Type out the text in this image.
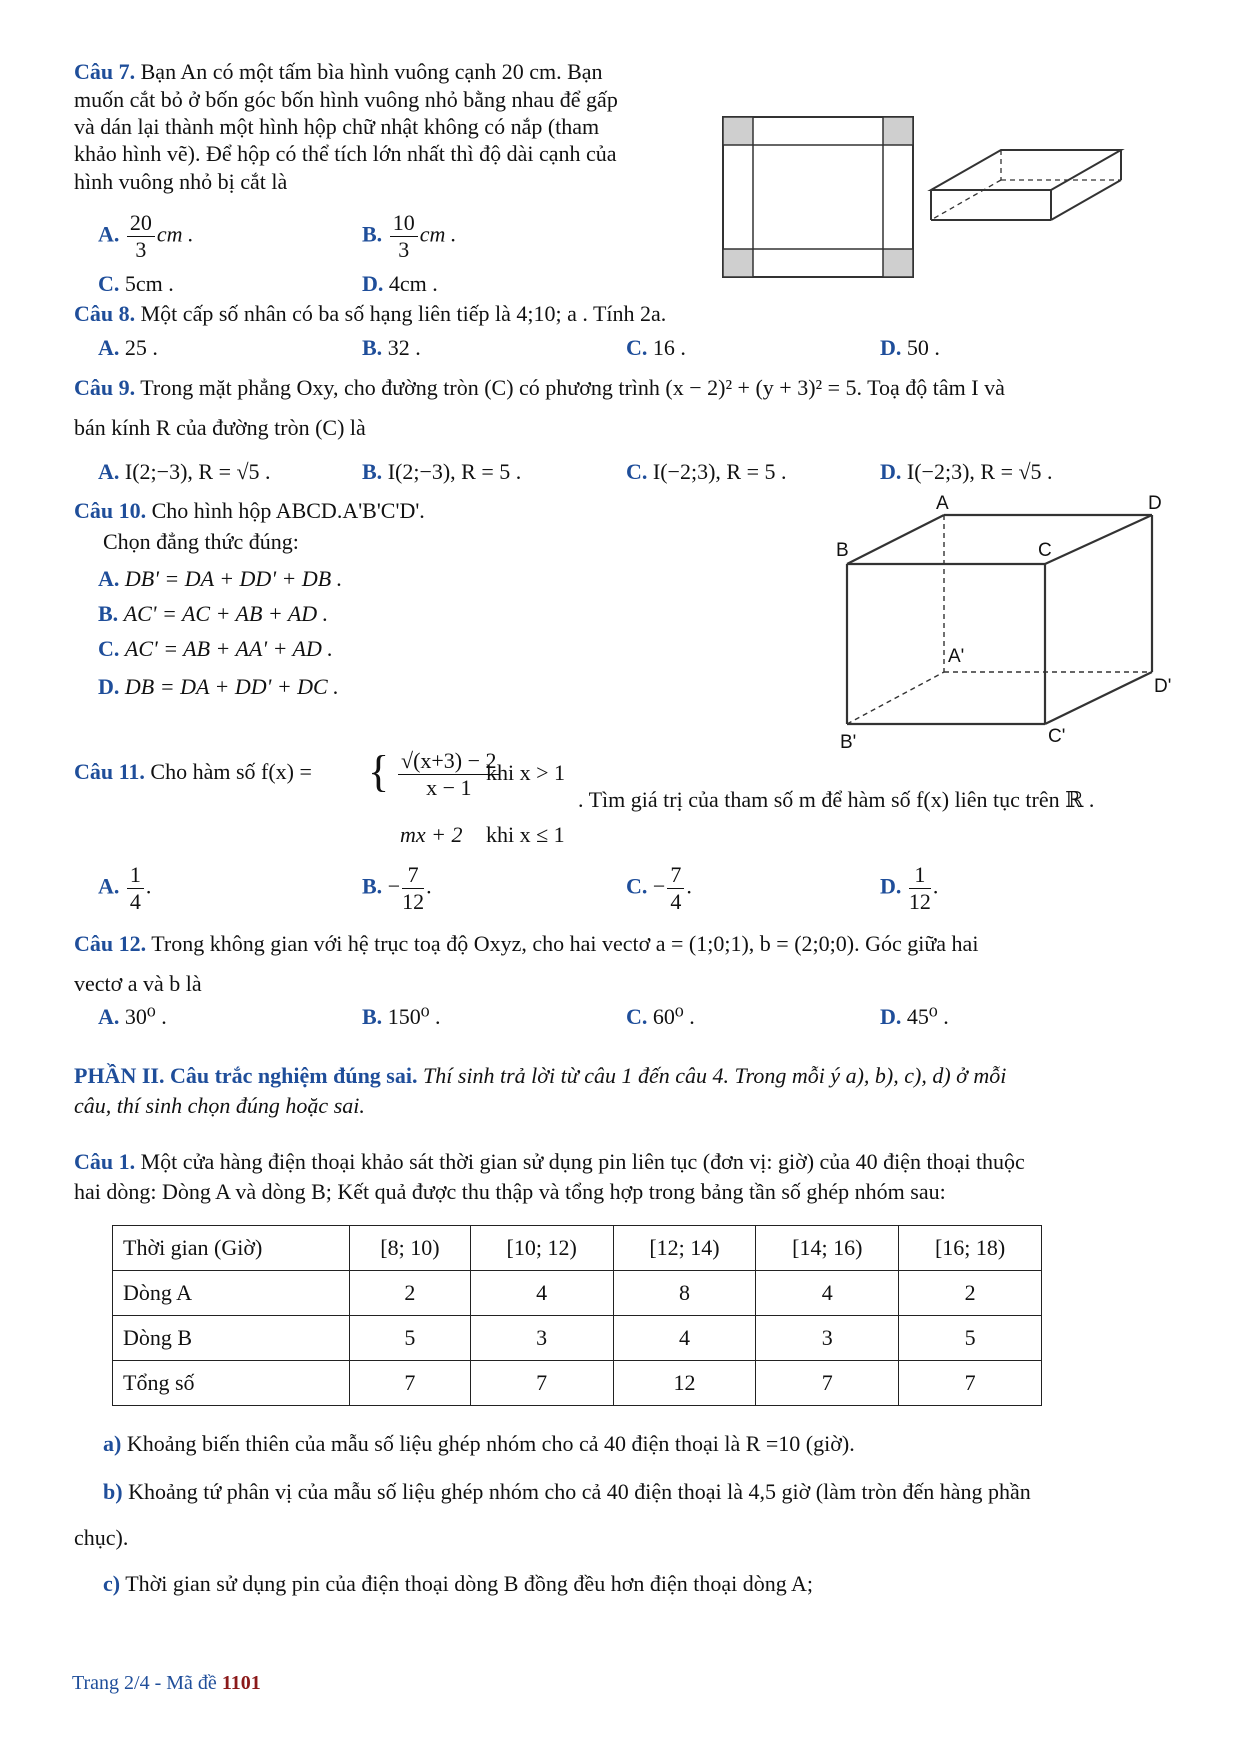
Câu 7. Bạn An có một tấm bìa hình vuông cạnh 20 cm. Bạn
muốn cắt bỏ ở bốn góc bốn hình vuông nhỏ bằng nhau để gấp
và dán lại thành một hình hộp chữ nhật không có nắp (tham
khảo hình vẽ). Để hộp có thể tích lớn nhất thì độ dài cạnh của
hình vuông nhỏ bị cắt là
A. $\frac{20}{3}$ cm .	B. $\frac{10}{3}$ cm .
C. 5cm .	D. 4cm .
Câu 8. Một cấp số nhân có ba số hạng liên tiếp là 4;10; a . Tính 2a.
A. 25 .	B. 32 .	C. 16 .	D. 50 .
Câu 9. Trong mặt phẳng Oxy, cho đường tròn (C) có phương trình (x − 2)² + (y + 3)² = 5. Toạ độ tâm I và
bán kính R của đường tròn (C) là
A. I(2;−3), R = √5 .	B. I(2;−3), R = 5 .	C. I(−2;3), R = 5 .	D. I(−2;3), R = √5 .
Câu 10. Cho hình hộp ABCD.A'B'C'D'.
Chọn đẳng thức đúng:
A. DB' = DA + DD' + DB .
B. AC' = AC + AB + AD .
C. AC' = AB + AA' + AD .
D. DB = DA + DD' + DC .
A	D
B	C
A'
D'
B'	C'
Câu 11. Cho hàm số f(x) = { $\frac{√(x+3) - 2}{x - 1}$
khi x > 1
mx + 2 khi x ≤ 1
. Tìm giá trị của tham số m để hàm số f(x) liên tục trên ℝ .
A. $\frac{1}{4}$ .	B. − $\frac{7}{12}$ .	C. − $\frac{7}{4}$ .	D. $\frac{1}{12}$ .
Câu 12. Trong không gian với hệ trục toạ độ Oxyz, cho hai vectơ a = (1;0;1), b = (2;0;0). Góc giữa hai
vectơ a và b là
A. 30⁰ .	B. 150⁰ .	C. 60⁰ .	D. 45⁰ .
PHẦN II. Câu trắc nghiệm đúng sai. Thí sinh trả lời từ câu 1 đến câu 4. Trong mỗi ý a), b), c), d) ở mỗi
câu, thí sinh chọn đúng hoặc sai.
Câu 1. Một cửa hàng điện thoại khảo sát thời gian sử dụng pin liên tục (đơn vị: giờ) của 40 điện thoại thuộc
hai dòng: Dòng A và dòng B; Kết quả được thu thập và tổng hợp trong bảng tần số ghép nhóm sau:
Thời gian (Giờ)	[8; 10)	[10; 12)	[12; 14)	[14; 16)	[16; 18)
Dòng A	2	4	8	4	2
Dòng B	5	3	4	3	5
Tổng số	7	7	12	7	7
a) Khoảng biến thiên của mẫu số liệu ghép nhóm cho cả 40 điện thoại là R =10 (giờ).
b) Khoảng tứ phân vị của mẫu số liệu ghép nhóm cho cả 40 điện thoại là 4,5 giờ (làm tròn đến hàng phần
chục).
c) Thời gian sử dụng pin của điện thoại dòng B đồng đều hơn điện thoại dòng A;
Trang 2/4 - Mã đề 1101
